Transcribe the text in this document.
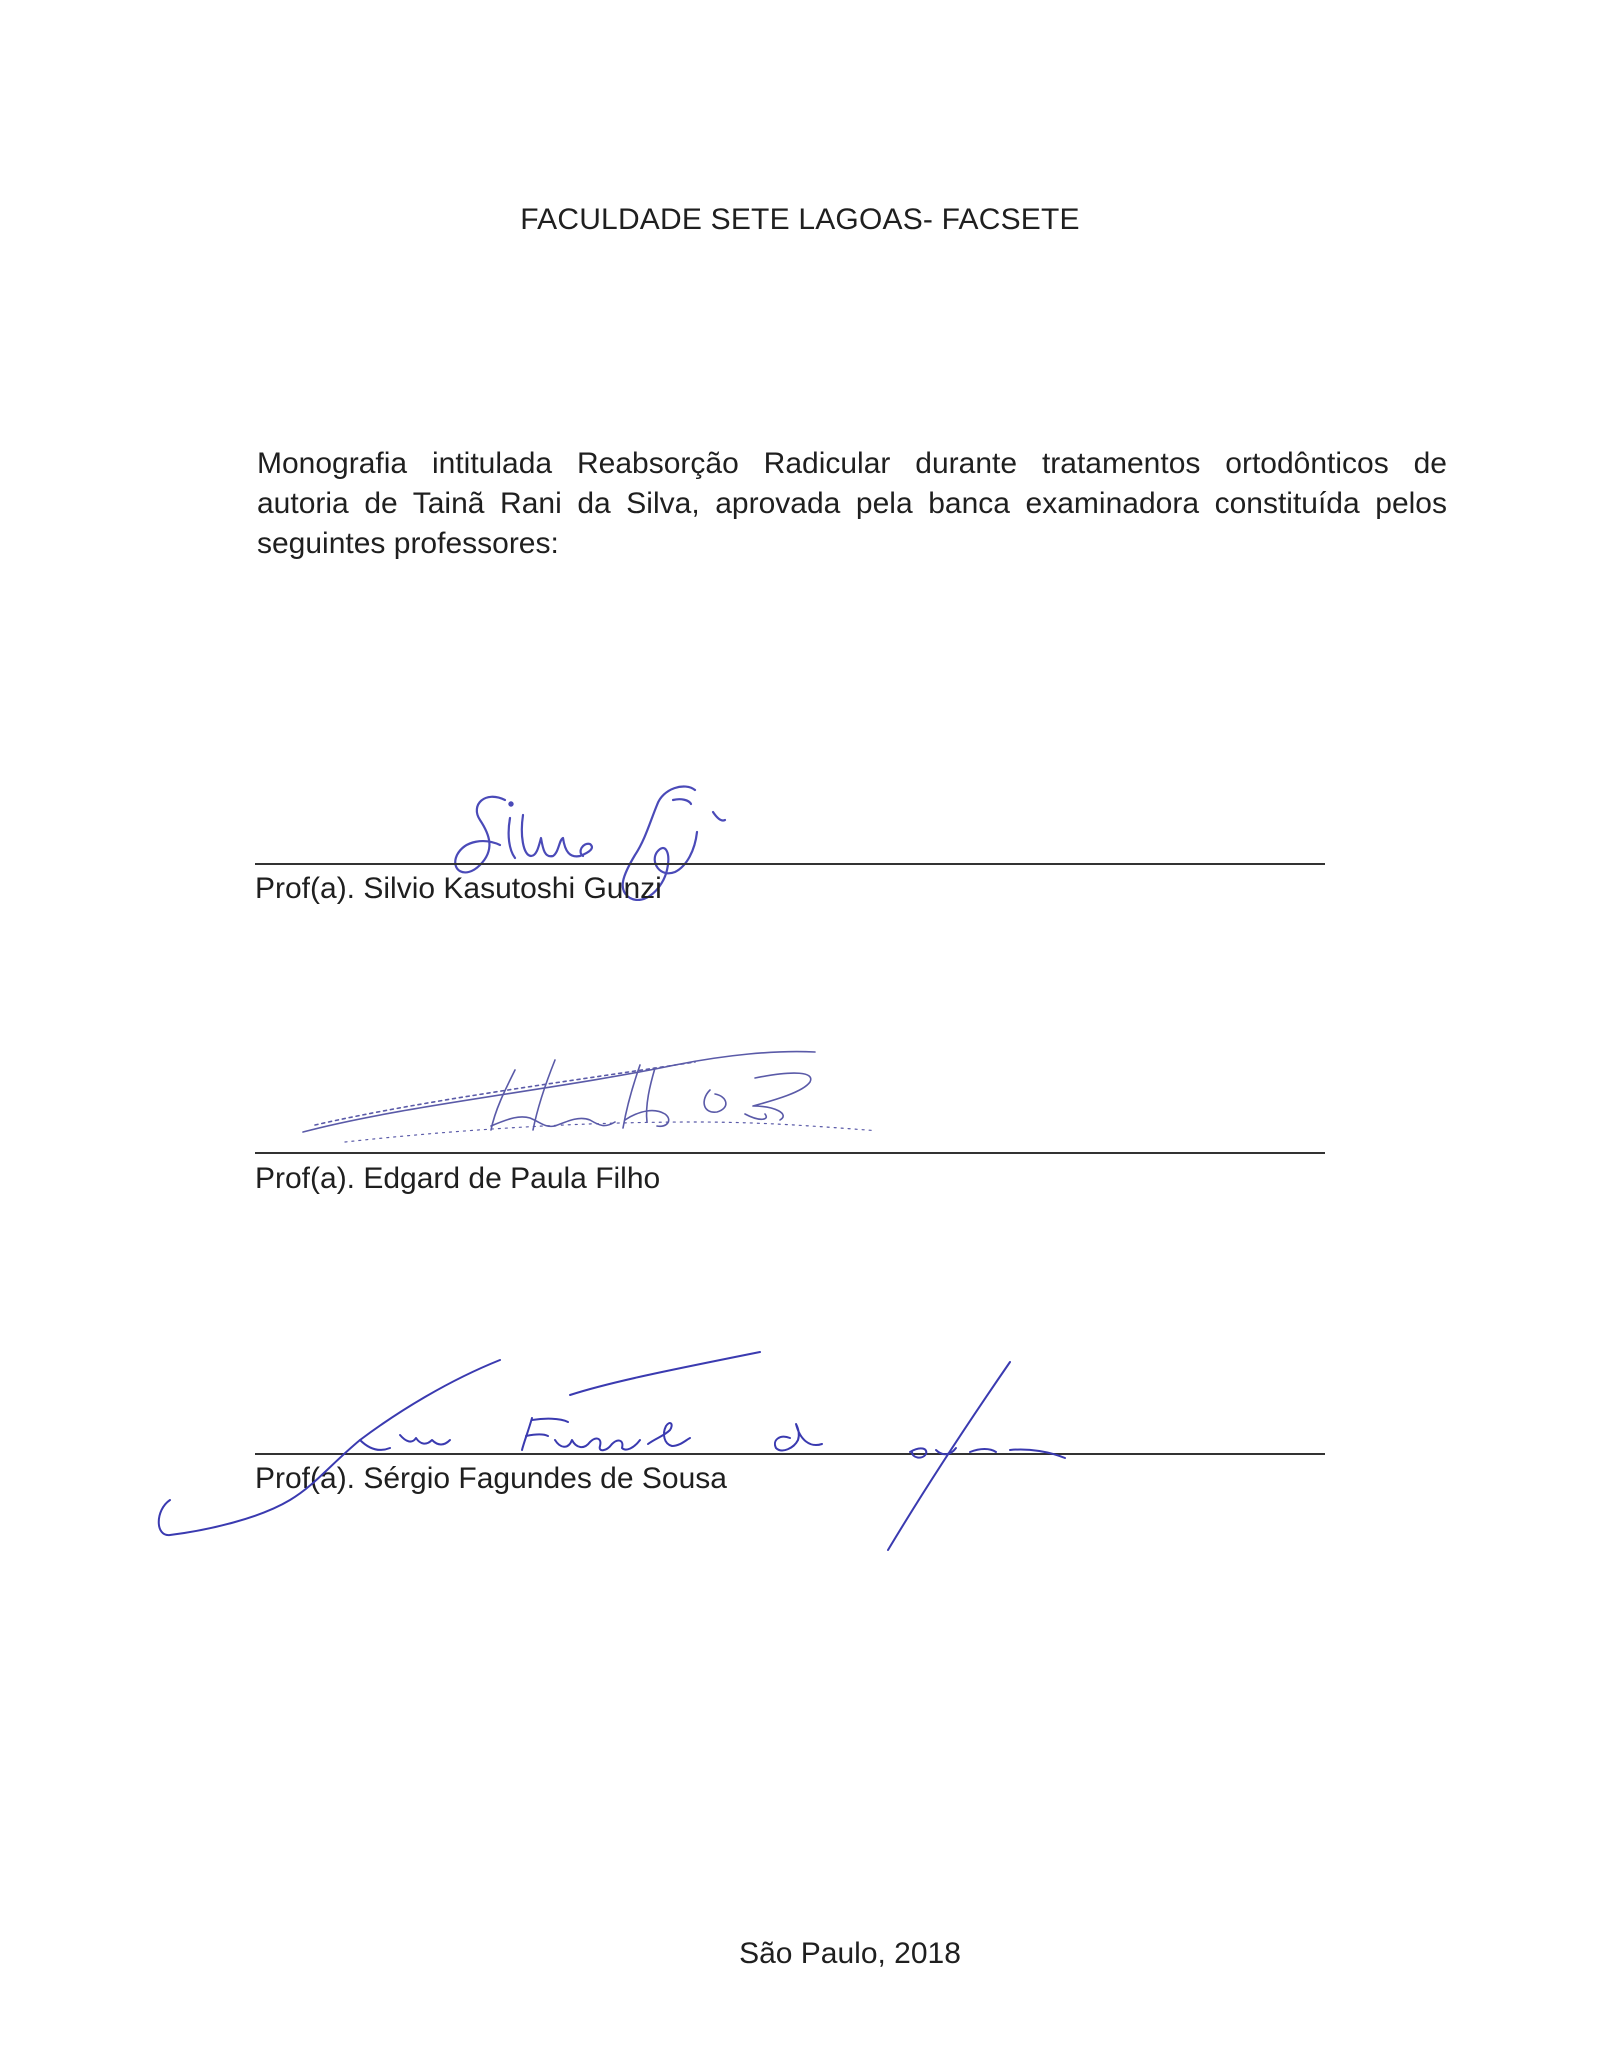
FACULDADE SETE LAGOAS- FACSETE
Monografia intitulada Reabsorção Radicular durante tratamentos ortodônticos de
autoria de Tainã Rani da Silva, aprovada pela banca examinadora constituída pelos
seguintes professores:
Prof(a). Silvio Kasutoshi Gunzi
Prof(a). Edgard de Paula Filho
Prof(a). Sérgio Fagundes de Sousa
São Paulo, 2018
